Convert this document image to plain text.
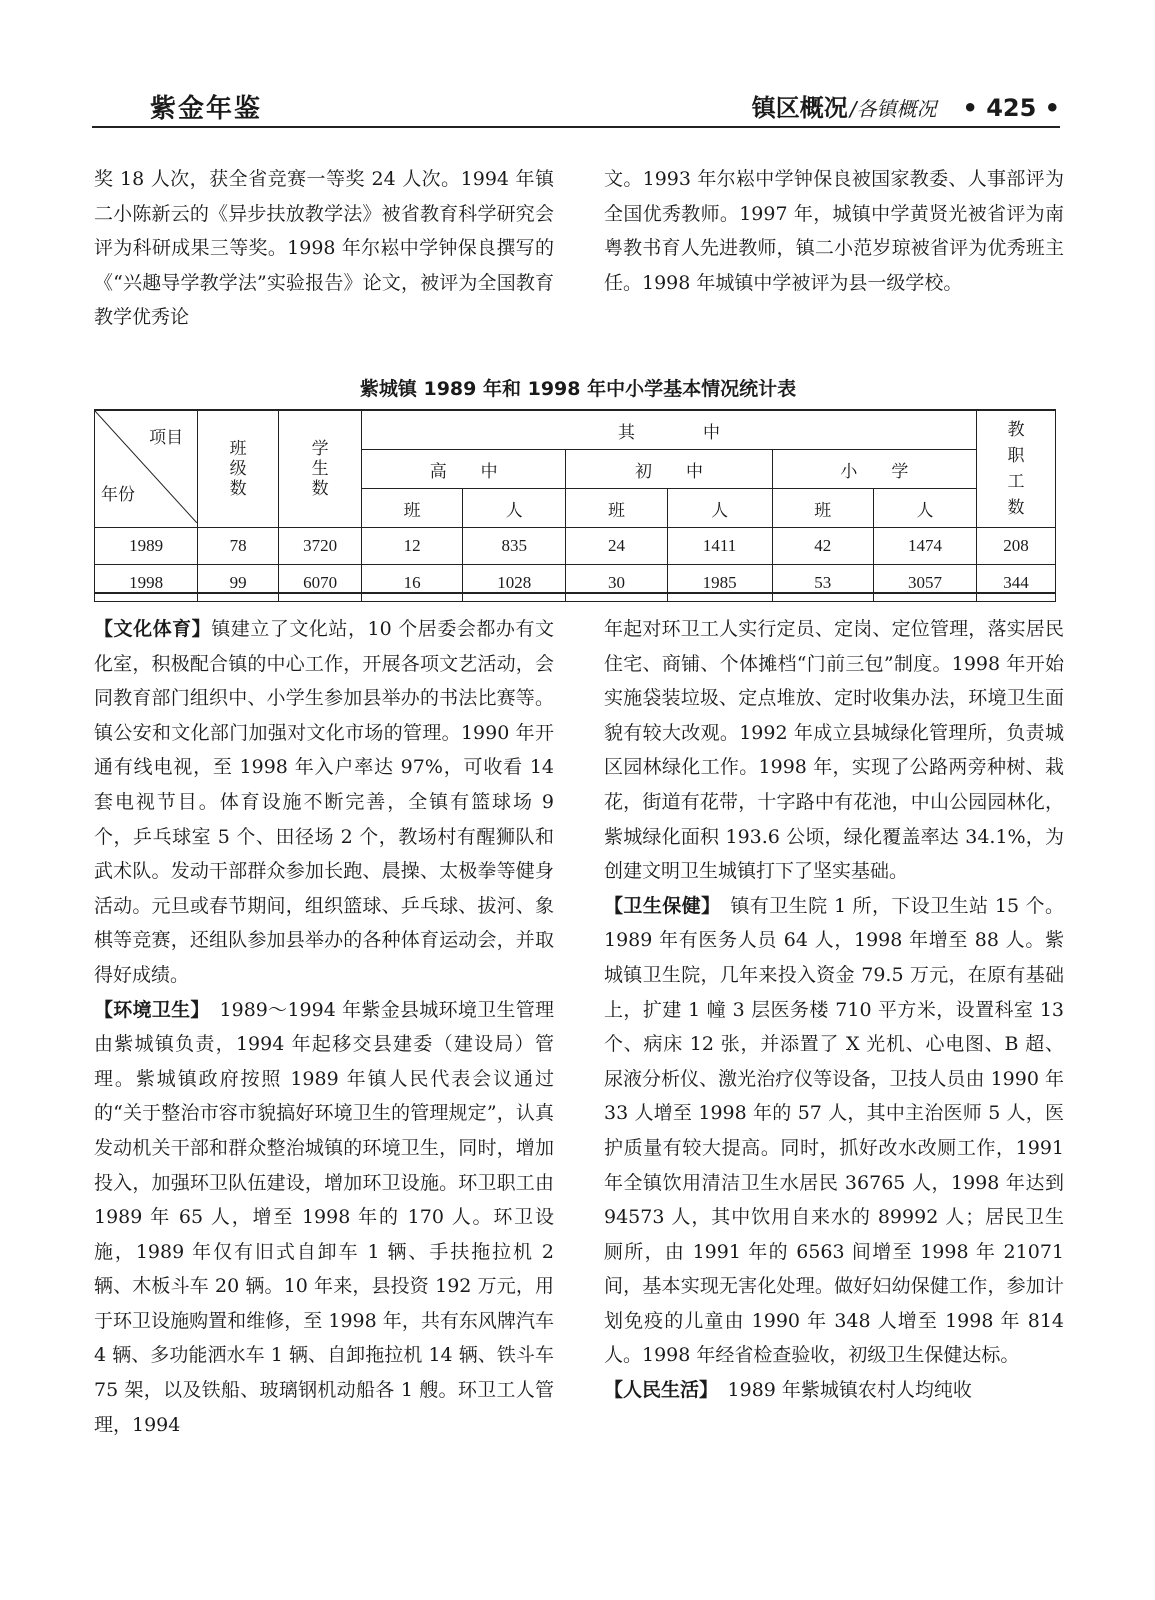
紫金年鉴	镇区概况 /各镇概况 • 425 •

奖 18 人次，获全省竞赛一等奖 24 人次。1994 年镇二小陈新云的《异步扶放教学法》被省教育科学研究会评为科研成果三等奖。1998 年尔崧中学钟保良撰写的《“兴趣导学教学法”实验报告》论文，被评为全国教育教学优秀论

文。1993 年尔崧中学钟保良被国家教委、人事部评为全国优秀教师。1997 年，城镇中学黄贤光被省评为南粤教书育人先进教师，镇二小范岁琼被省评为优秀班主任。1998 年城镇中学被评为县一级学校。

紫城镇 1989 年和 1998 年中小学基本情况统计表
项目
年份	班级数	学生数	其　　　　中						教职工数

			高　　中		初　　中		小　　学		
			班	人	班	人	班	人	
1989	78	3720	12	835	24	1411	42	1474	208
1998	99	6070	16	1028	30	1985	53	3057	344

【文化体育】镇建立了文化站，10 个居委会都办有文化室，积极配合镇的中心工作，开展各项文艺活动，会同教育部门组织中、小学生参加县举办的书法比赛等。镇公安和文化部门加强对文化市场的管理。1990 年开通有线电视，至 1998 年入户率达 97%，可收看 14 套电视节目。体育设施不断完善，全镇有篮球场 9 个，乒乓球室 5 个、田径场 2 个，教场村有醒狮队和武术队。发动干部群众参加长跑、晨操、太极拳等健身活动。元旦或春节期间，组织篮球、乒乓球、拔河、象棋等竞赛，还组队参加县举办的各种体育运动会，并取得好成绩。

【环境卫生】　1989～1994 年紫金县城环境卫生管理由紫城镇负责，1994 年起移交县建委（建设局）管理。紫城镇政府按照 1989 年镇人民代表会议通过的“关于整治市容市貌搞好环境卫生的管理规定”，认真发动机关干部和群众整治城镇的环境卫生，同时，增加投入，加强环卫队伍建设，增加环卫设施。环卫职工由 1989 年 65 人，增至 1998 年的 170 人。环卫设施，1989 年仅有旧式自卸车 1 辆、手扶拖拉机 2 辆、木板斗车 20 辆。10 年来，县投资 192 万元，用于环卫设施购置和维修，至 1998 年，共有东风牌汽车 4 辆、多功能洒水车 1 辆、自卸拖拉机 14 辆、铁斗车 75 架，以及铁船、玻璃钢机动船各 1 艘。环卫工人管理，1994

年起对环卫工人实行定员、定岗、定位管理，落实居民住宅、商铺、个体摊档“门前三包”制度。1998 年开始实施袋装垃圾、定点堆放、定时收集办法，环境卫生面貌有较大改观。1992 年成立县城绿化管理所，负责城区园林绿化工作。1998 年，实现了公路两旁种树、栽花，街道有花带，十字路中有花池，中山公园园林化，紫城绿化面积 193.6 公顷，绿化覆盖率达 34.1%，为创建文明卫生城镇打下了坚实基础。

【卫生保健】　镇有卫生院 1 所，下设卫生站 15 个。1989 年有医务人员 64 人，1998 年增至 88 人。紫城镇卫生院，几年来投入资金 79.5 万元，在原有基础上，扩建 1 幢 3 层医务楼 710 平方米，设置科室 13 个、病床 12 张，并添置了 X 光机、心电图、B 超、尿液分析仪、激光治疗仪等设备，卫技人员由 1990 年 33 人增至 1998 年的 57 人，其中主治医师 5 人，医护质量有较大提高。同时，抓好改水改厕工作，1991 年全镇饮用清洁卫生水居民 36765 人，1998 年达到 94573 人，其中饮用自来水的 89992 人；居民卫生厕所，由 1991 年的 6563 间增至 1998 年 21071 间，基本实现无害化处理。做好妇幼保健工作，参加计划免疫的儿童由 1990 年 348 人增至 1998 年 814 人。1998 年经省检查验收，初级卫生保健达标。

【人民生活】　1989 年紫城镇农村人均纯收
